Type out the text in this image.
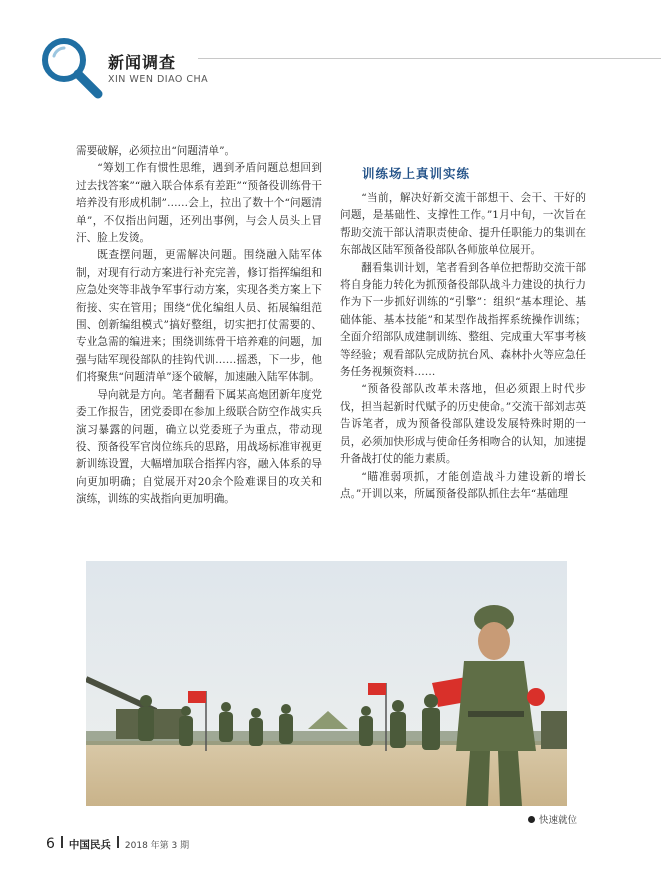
新闻调查
XIN WEN DIAO CHA

需要破解，必须拉出“问题清单”。

“筹划工作有惯性思维，遇到矛盾问题总想回到过去找答案”“融入联合体系有差距”“预备役训练骨干培养没有形成机制”……会上，拉出了数十个“问题清单”，不仅指出问题，还列出事例，与会人员头上冒汗、脸上发烫。

既查摆问题，更需解决问题。围绕融入陆军体制，对现有行动方案进行补充完善，修订指挥编组和应急处突等非战争军事行动方案，实现各类方案上下衔接、实在管用；围绕“优化编组人员、拓展编组范围、创新编组模式”搞好整组，切实把打仗需要的、专业急需的编进来；围绕训练骨干培养难的问题，加强与陆军现役部队的挂钩代训……摇悉，下一步，他们将聚焦“问题清单”逐个破解，加速融入陆军体制。

导向就是方向。笔者翻看下属某高炮团新年度党委工作报告，团党委即在参加上级联合防空作战实兵演习暴露的问题，确立以党委班子为重点，带动现役、预备役军官岗位练兵的思路，用战场标准审视更新训练设置，大幅增加联合指挥内容，融入体系的导向更加明确；自觉展开对20余个险难课目的攻关和演练，训练的实战指向更加明确。

训练场上真训实练

“当前，解决好新交流干部想干、会干、干好的问题，是基础性、支撑性工作。”1月中旬，一次旨在帮助交流干部认清职责使命、提升任职能力的集训在东部战区陆军预备役部队各师旅单位展开。

翻看集训计划，笔者看到各单位把帮助交流干部将自身能力转化为抓预备役部队战斗力建设的执行力作为下一步抓好训练的“引擎”：组织“基本理论、基础体能、基本技能”和某型作战指挥系统操作训练；全面介绍部队成建制训练、整组、完成重大军事考核等经验；观看部队完成防抗台风、森林扑火等应急任务任务视频资料……

“预备役部队改革未落地，但必须跟上时代步伐，担当起新时代赋予的历史使命。”交流干部刘志英告诉笔者，成为预备役部队建设发展特殊时期的一员，必须加快形成与使命任务相吻合的认知，加速提升备战打仗的能力素质。

“瞄准弱项抓，才能创造战斗力建设新的增长点。”开训以来，所属预备役部队抓住去年“基础理

快速就位
6 中国民兵 2018 年第 3 期
